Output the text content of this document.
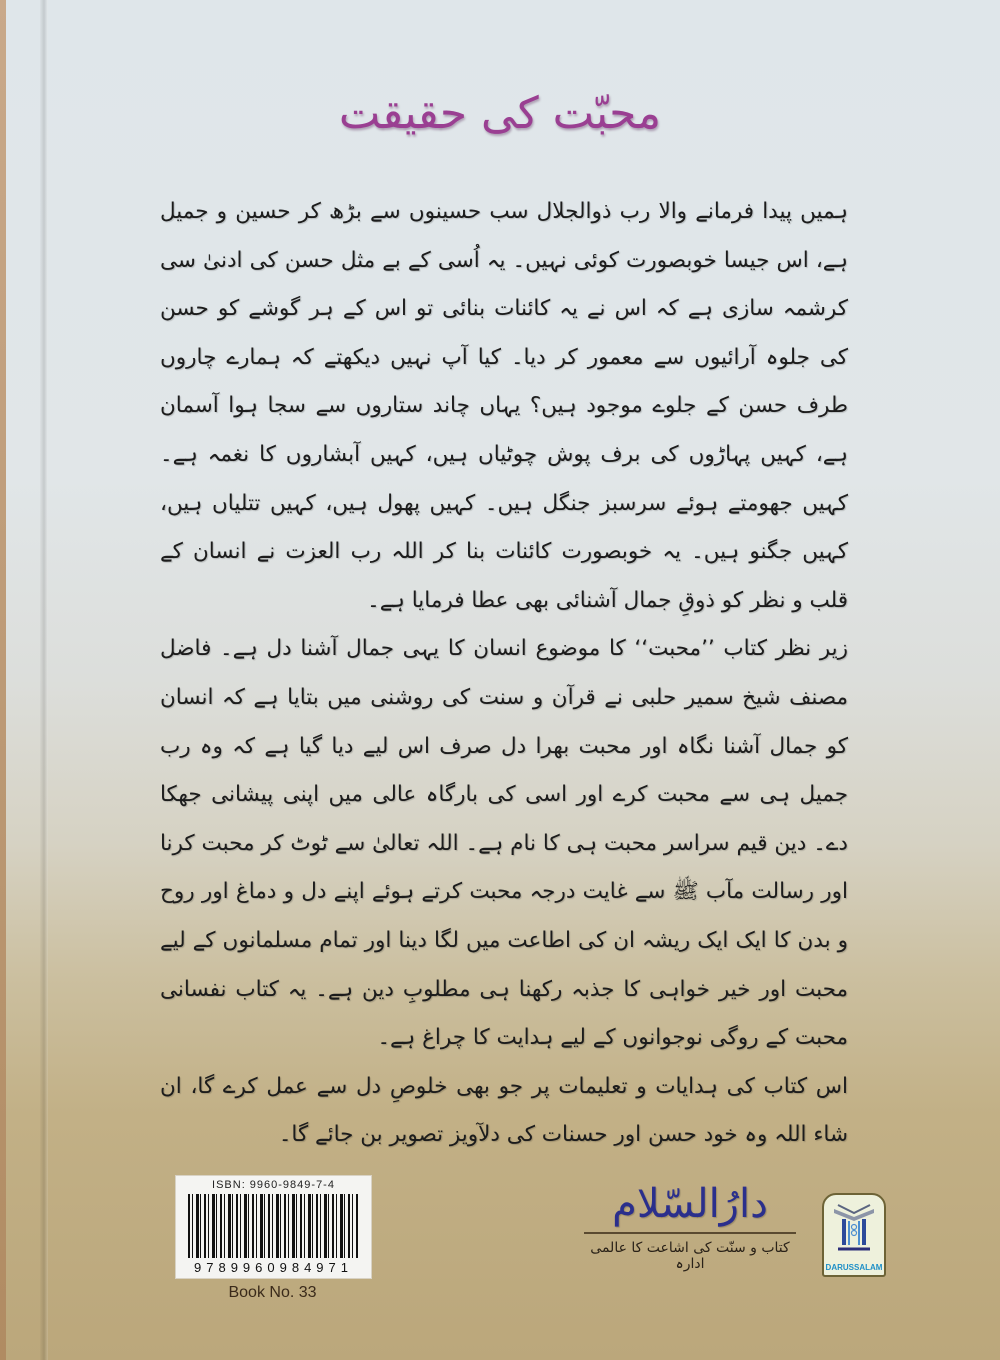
محبّت کی حقیقت

ہمیں پیدا فرمانے والا رب ذوالجلال سب حسینوں سے بڑھ کر حسین و جمیل ہے، اس جیسا خوبصورت کوئی نہیں۔ یہ اُسی کے بے مثل حسن کی ادنیٰ سی کرشمہ سازی ہے کہ اس نے یہ کائنات بنائی تو اس کے ہر گوشے کو حسن کی جلوہ آرائیوں سے معمور کر دیا۔ کیا آپ نہیں دیکھتے کہ ہمارے چاروں طرف حسن کے جلوے موجود ہیں؟ یہاں چاند ستاروں سے سجا ہوا آسمان ہے، کہیں پہاڑوں کی برف پوش چوٹیاں ہیں، کہیں آبشاروں کا نغمہ ہے۔ کہیں جھومتے ہوئے سرسبز جنگل ہیں۔ کہیں پھول ہیں، کہیں تتلیاں ہیں، کہیں جگنو ہیں۔ یہ خوبصورت کائنات بنا کر اللہ رب العزت نے انسان کے قلب و نظر کو ذوقِ جمال آشنائی بھی عطا فرمایا ہے۔

زیر نظر کتاب ’’محبت‘‘ کا موضوع انسان کا یہی جمال آشنا دل ہے۔ فاضل مصنف شیخ سمیر حلبی نے قرآن و سنت کی روشنی میں بتایا ہے کہ انسان کو جمال آشنا نگاہ اور محبت بھرا دل صرف اس لیے دیا گیا ہے کہ وہ رب جمیل ہی سے محبت کرے اور اسی کی بارگاہ عالی میں اپنی پیشانی جھکا دے۔ دین قیم سراسر محبت ہی کا نام ہے۔ اللہ تعالیٰ سے ٹوٹ کر محبت کرنا اور رسالت مآب ﷺ سے غایت درجہ محبت کرتے ہوئے اپنے دل و دماغ اور روح و بدن کا ایک ایک ریشہ ان کی اطاعت میں لگا دینا اور تمام مسلمانوں کے لیے محبت اور خیر خواہی کا جذبہ رکھنا ہی مطلوبِ دین ہے۔ یہ کتاب نفسانی محبت کے روگی نوجوانوں کے لیے ہدایت کا چراغ ہے۔

اس کتاب کی ہدایات و تعلیمات پر جو بھی خلوصِ دل سے عمل کرے گا، ان شاء اللہ وہ خود حسن اور حسنات کی دلآویز تصویر بن جائے گا۔

ISBN: 9960-9849-7-4
9789960984971
Book No. 33
دارُالسّلام
کتاب و سنّت کی اشاعت کا عالمی ادارہ	DARUSSALAM
